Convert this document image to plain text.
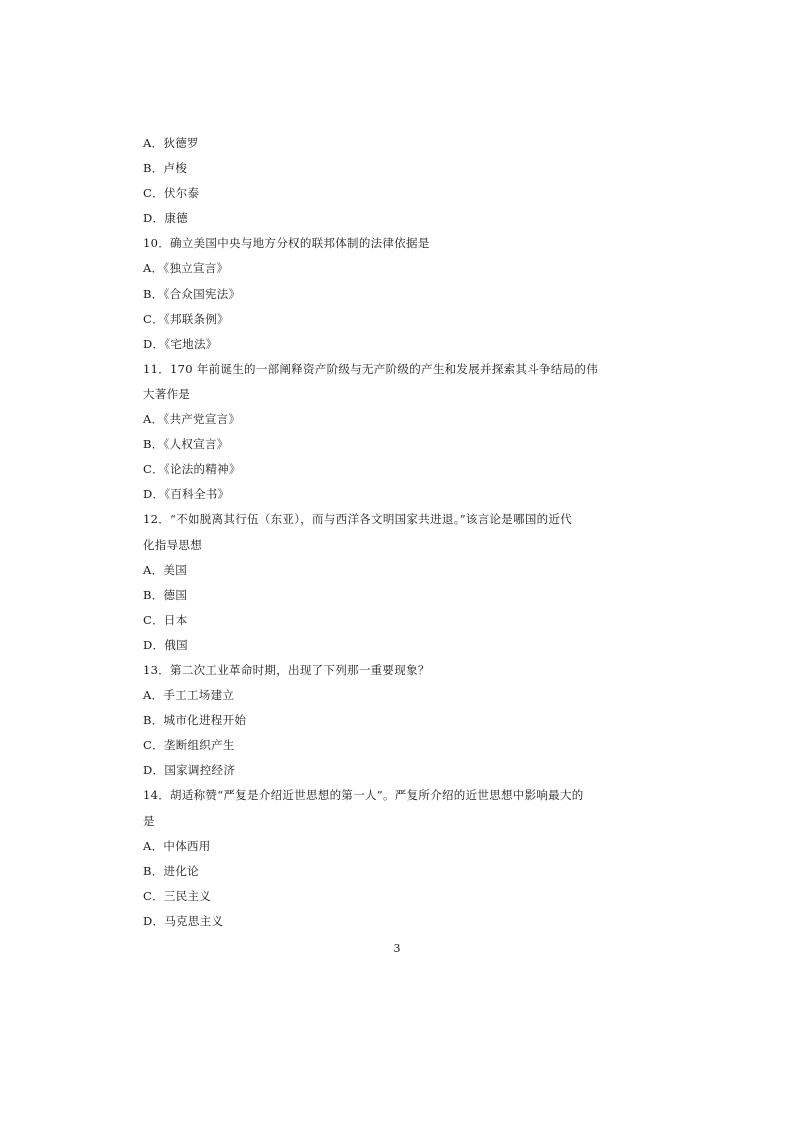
A．狄德罗
B．卢梭
C．伏尔泰
D．康德
10．确立美国中央与地方分权的联邦体制的法律依据是
A．《独立宣言》
B．《合众国宪法》
C．《邦联条例》
D．《宅地法》
11．170 年前诞生的一部阐释资产阶级与无产阶级的产生和发展并探索其斗争结局的伟
大著作是
A．《共产党宣言》
B．《人权宣言》
C．《论法的精神》
D．《百科全书》
12．“不如脱离其行伍（东亚），而与西洋各文明国家共进退。”该言论是哪国的近代
化指导思想
A．美国
B．德国
C．日本
D．俄国
13．第二次工业革命时期，出现了下列那一重要现象？
A．手工工场建立
B．城市化进程开始
C．垄断组织产生
D．国家调控经济
14．胡适称赞“严复是介绍近世思想的第一人”。严复所介绍的近世思想中影响最大的
是
A．中体西用
B．进化论
C．三民主义
D．马克思主义
3
